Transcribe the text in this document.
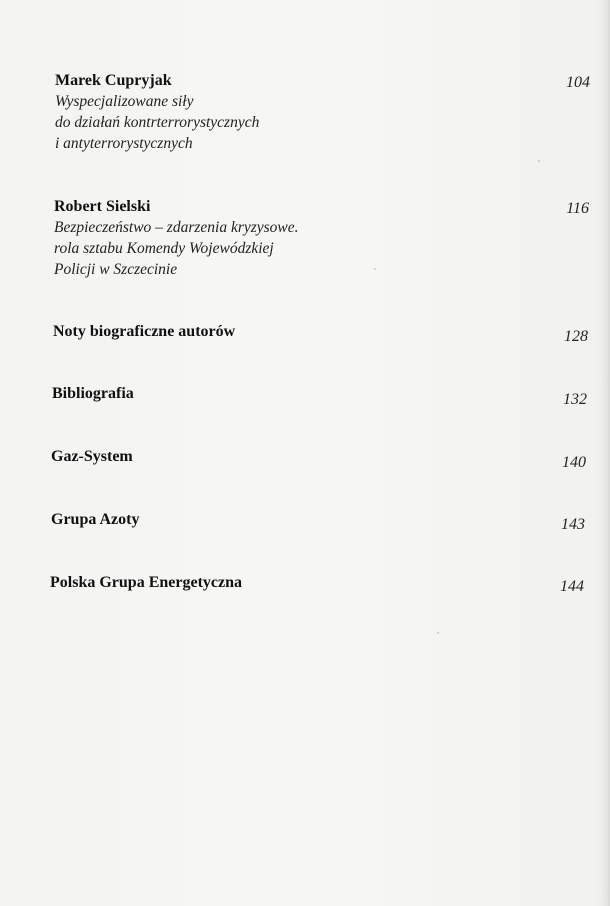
Marek Cupryjak
Wyspecjalizowane siły
do działań kontrterrorystycznych
i antyterrorystycznych
104
Robert Sielski
Bezpieczeństwo – zdarzenia kryzysowe.
rola sztabu Komendy Wojewódzkiej
Policji w Szczecinie
116
Noty biograficzne autorów	128
Bibliografia	132
Gaz-System	140
Grupa Azoty	143
Polska Grupa Energetyczna	144
